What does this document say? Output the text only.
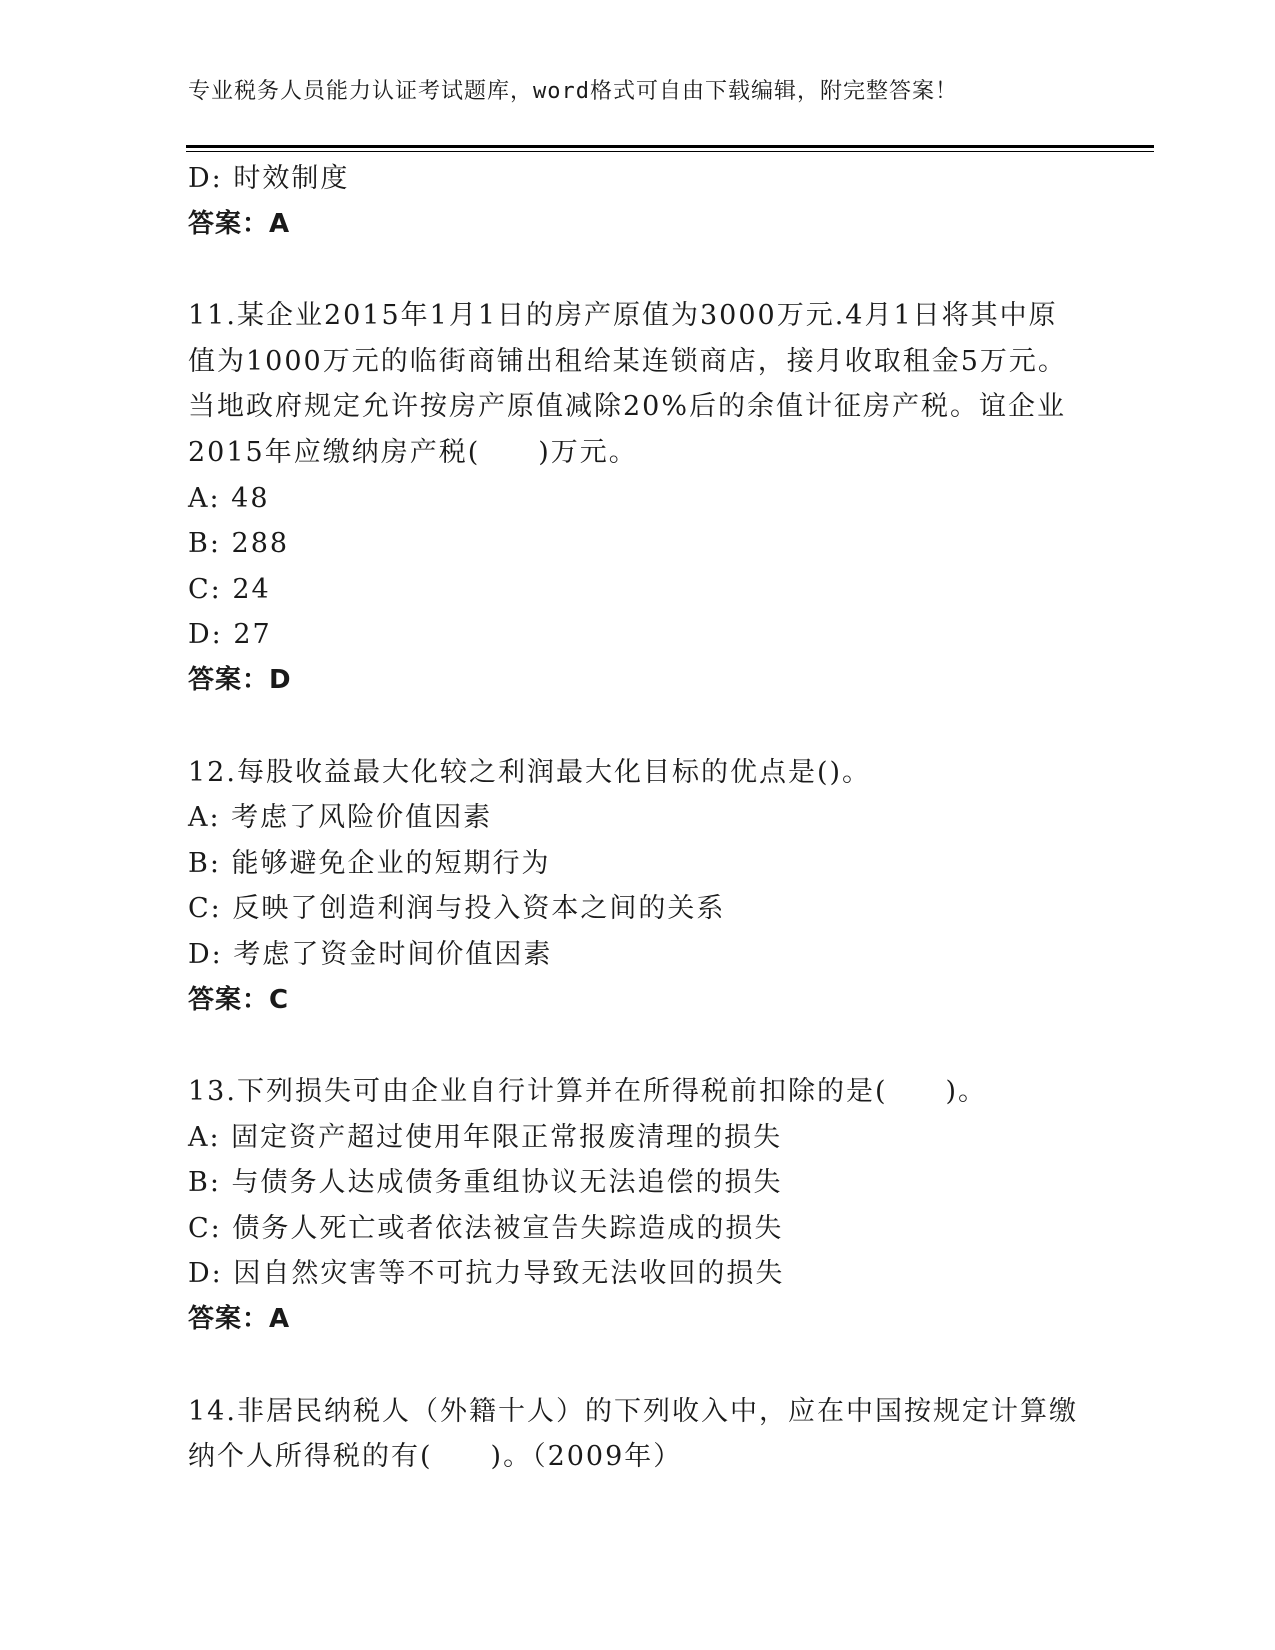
专业税务人员能力认证考试题库，word格式可自由下载编辑，附完整答案！
D: 时效制度
答案：A
11.某企业2015年1月1日的房产原值为3000万元.4月1日将其中原
值为1000万元的临街商铺出租给某连锁商店，接月收取租金5万元。
当地政府规定允许按房产原值减除20%后的余值计征房产税。谊企业
2015年应缴纳房产税(　　)万元。
A: 48
B: 288
C: 24
D: 27
答案：D
12.每股收益最大化较之利润最大化目标的优点是()。
A: 考虑了风险价值因素
B: 能够避免企业的短期行为
C: 反映了创造利润与投入资本之间的关系
D: 考虑了资金时间价值因素
答案：C
13.下列损失可由企业自行计算并在所得税前扣除的是(　　)。
A: 固定资产超过使用年限正常报废清理的损失
B: 与债务人达成债务重组协议无法追偿的损失
C: 债务人死亡或者依法被宣告失踪造成的损失
D: 因自然灾害等不可抗力导致无法收回的损失
答案：A
14.非居民纳税人（外籍十人）的下列收入中，应在中国按规定计算缴
纳个人所得税的有(　　)。（2009年）
